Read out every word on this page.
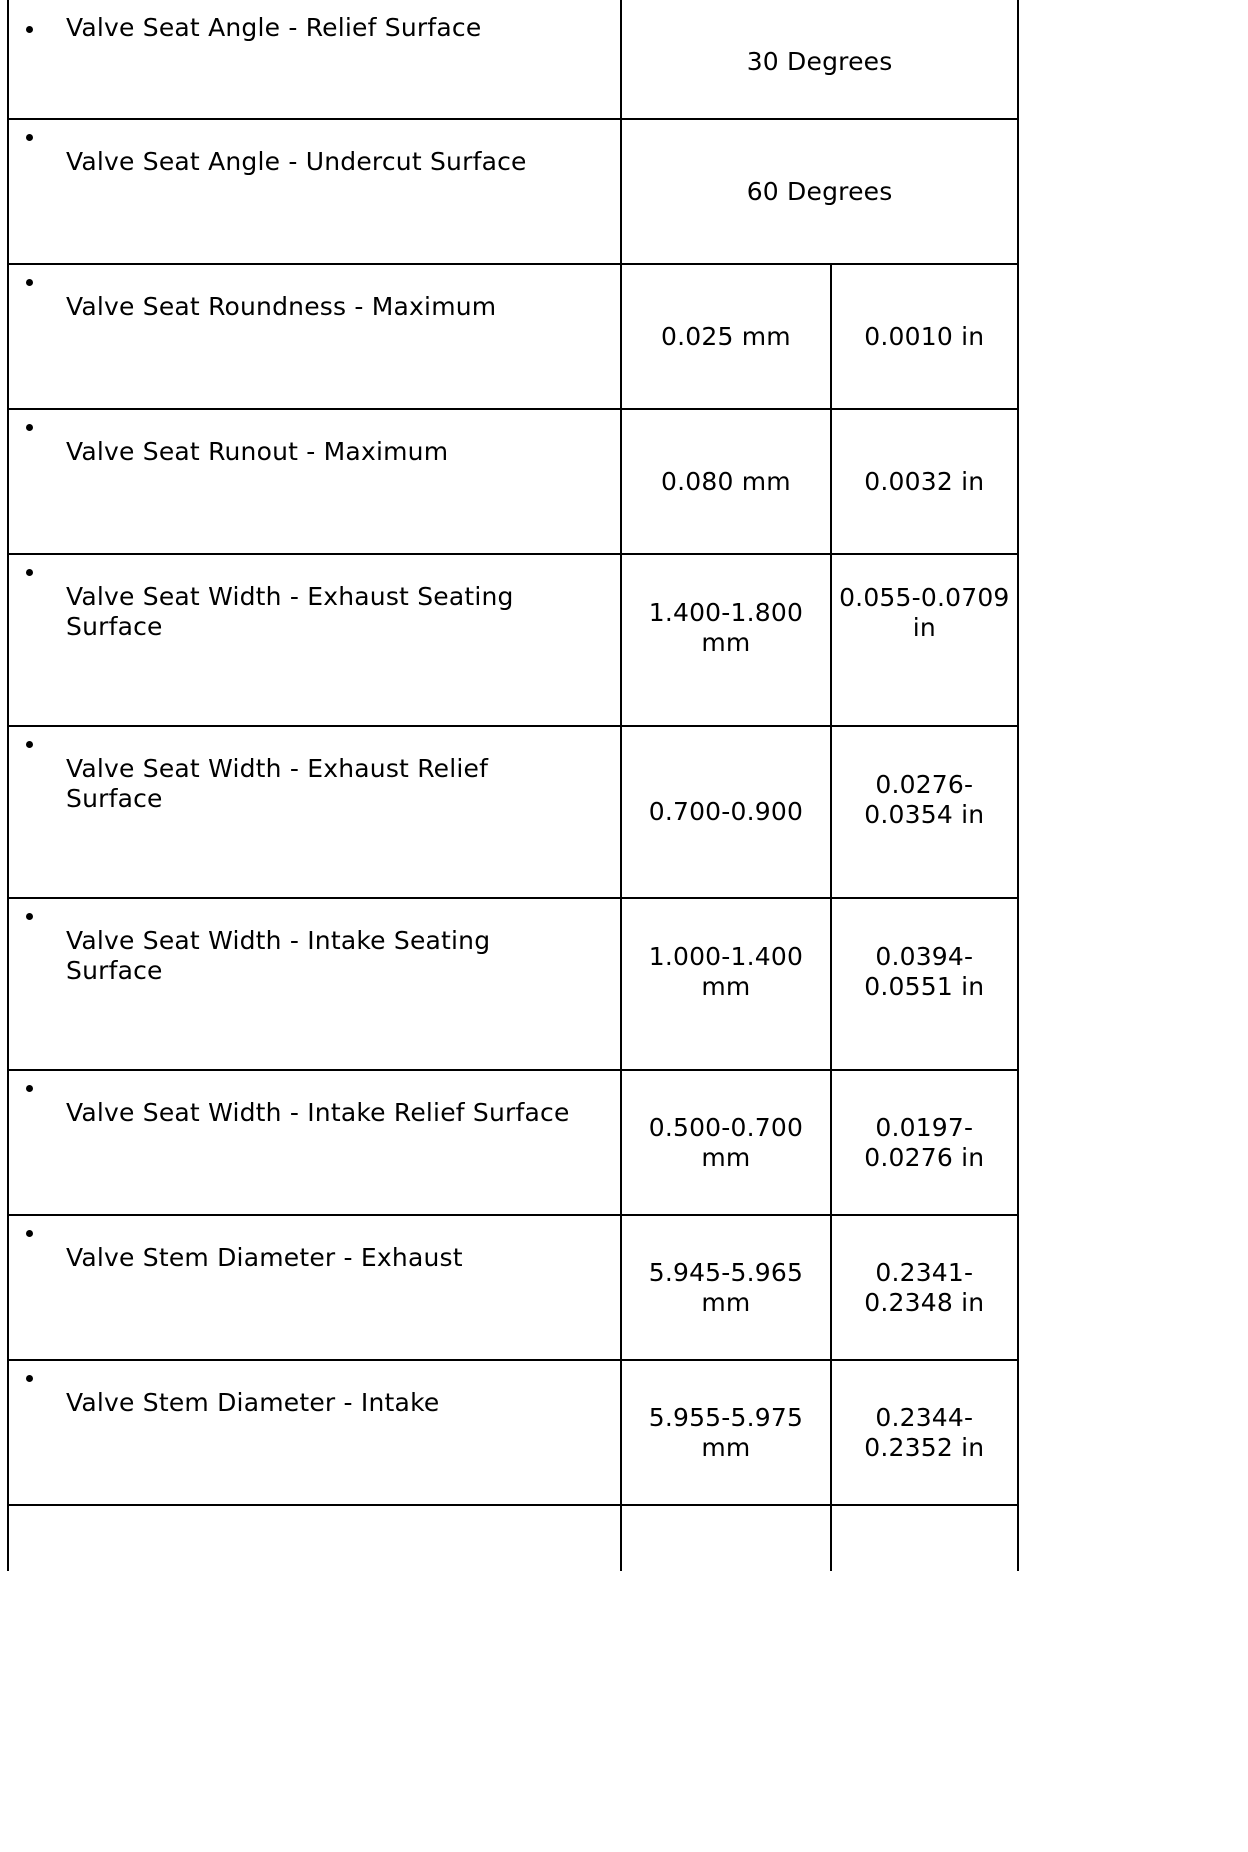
Valve Seat Angle - Relief Surface	30 Degrees	

Valve Seat Angle - Undercut Surface	60 Degrees	

Valve Seat Roundness - Maximum	0.025 mm	0.0010 in

Valve Seat Runout - Maximum	0.080 mm	0.0032 in

Valve Seat Width - Exhaust Seating Surface	1.400-1.800 mm	0.055-0.0709 in

Valve Seat Width - Exhaust Relief Surface	0.700-0.900	0.0276-0.0354 in

Valve Seat Width - Intake Seating Surface	1.000-1.400 mm	0.0394-0.0551 in

Valve Seat Width - Intake Relief Surface	0.500-0.700 mm	0.0197-0.0276 in

Valve Stem Diameter - Exhaust	5.945-5.965 mm	0.2341-0.2348 in

Valve Stem Diameter - Intake	5.955-5.975 mm	0.2344-0.2352 in
